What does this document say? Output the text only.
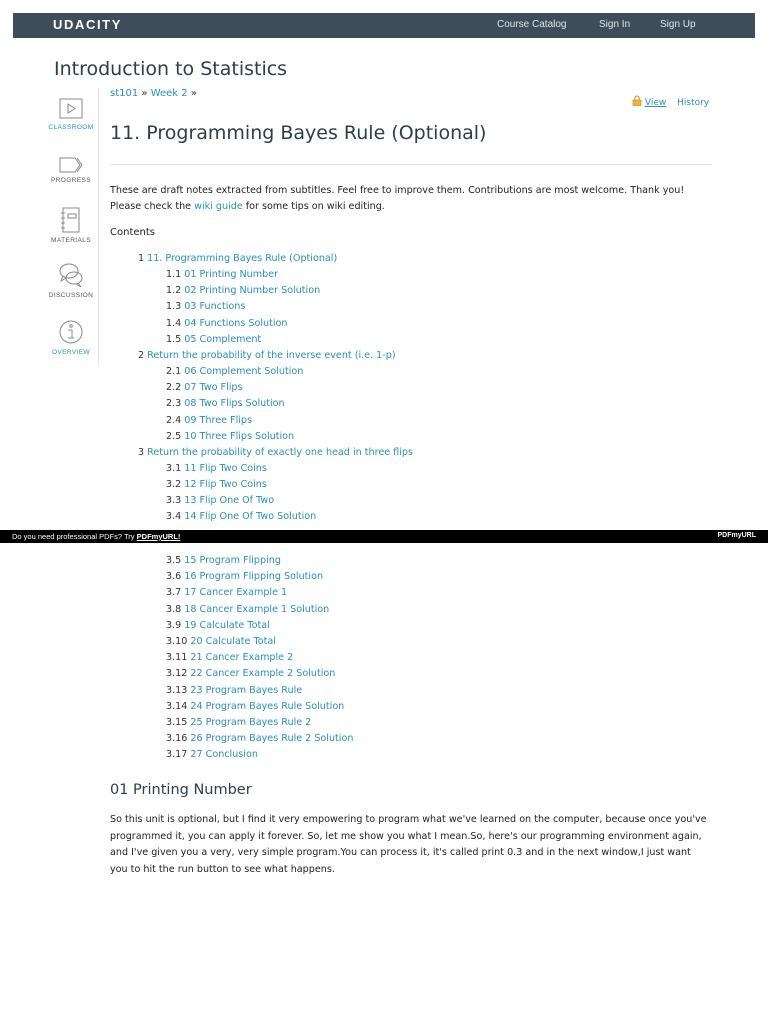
UDACITY	Course Catalog	Sign In	Sign Up
Introduction to Statistics
CLASSROOM
PROGRESS
MATERIALS
DISCUSSION
OVERVIEW
st101 » Week 2 »
View History
11. Programming Bayes Rule (Optional)
These are draft notes extracted from subtitles. Feel free to improve them. Contributions are most welcome. Thank you!
Please check the wiki guide for some tips on wiki editing.
Contents
1 11. Programming Bayes Rule (Optional)
1.1 01 Printing Number
1.2 02 Printing Number Solution
1.3 03 Functions
1.4 04 Functions Solution
1.5 05 Complement
2 Return the probability of the inverse event (i.e. 1-p)
2.1 06 Complement Solution
2.2 07 Two Flips
2.3 08 Two Flips Solution
2.4 09 Three Flips
2.5 10 Three Flips Solution
3 Return the probability of exactly one head in three flips
3.1 11 Flip Two Coins
3.2 12 Flip Two Coins
3.3 13 Flip One Of Two
3.4 14 Flip One Of Two Solution
3.5 15 Program Flipping
3.6 16 Program Flipping Solution
3.7 17 Cancer Example 1
3.8 18 Cancer Example 1 Solution
3.9 19 Calculate Total
3.10 20 Calculate Total
3.11 21 Cancer Example 2
3.12 22 Cancer Example 2 Solution
3.13 23 Program Bayes Rule
3.14 24 Program Bayes Rule Solution
3.15 25 Program Bayes Rule 2
3.16 26 Program Bayes Rule 2 Solution
3.17 27 Conclusion
Do you need professional PDFs? Try PDFmyURL!	PDFmyURL
01 Printing Number
So this unit is optional, but I find it very empowering to program what we've learned on the computer, because once you've programmed it, you can apply it forever. So, let me show you what I mean.So, here's our programming environment again, and I've given you a very, very simple program.You can process it, it's called print 0.3 and in the next window,I just want you to hit the run button to see what happens.
